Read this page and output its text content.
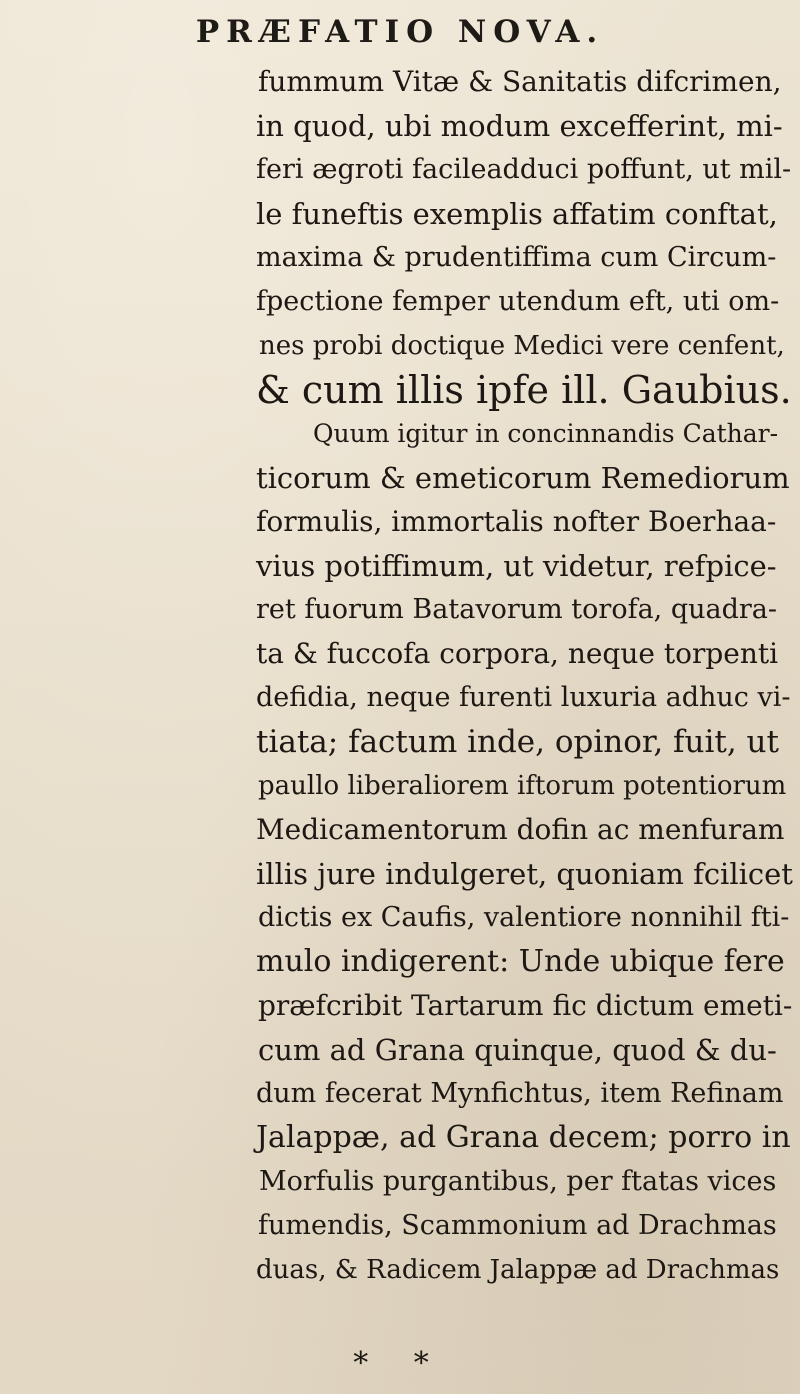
PRÆFATIO NOVA.
fummum Vitæ & Sanitatis difcrimen,
in quod, ubi modum excefferint, mi-
feri ægroti facileadduci poffunt, ut mil-
le funeftis exemplis affatim conftat,
maxima & prudentiffima cum Circum-
fpectione femper utendum eft, uti om-
nes probi doctique Medici vere cenfent,
& cum illis ipfe ill. Gaubius.
Quum igitur in concinnandis Cathar-
ticorum & emeticorum Remediorum
formulis, immortalis nofter Boerhaa-
vius potiffimum, ut videtur, refpice-
ret fuorum Batavorum torofa, quadra-
ta & fuccofa corpora, neque torpenti
defidia, neque furenti luxuria adhuc vi-
tiata; factum inde, opinor, fuit, ut
paullo liberaliorem iftorum potentiorum
Medicamentorum dofin ac menfuram
illis jure indulgeret, quoniam fcilicet
dictis ex Caufis, valentiore nonnihil fti-
mulo indigerent: Unde ubique fere
præfcribit Tartarum fic dictum emeti-
cum ad Grana quinque, quod & du-
dum fecerat Mynfichtus, item Refinam
Jalappæ, ad Grana decem; porro in
Morfulis purgantibus, per ftatas vices
fumendis, Scammonium ad Drachmas
duas, & Radicem Jalappæ ad Drachmas
* *
